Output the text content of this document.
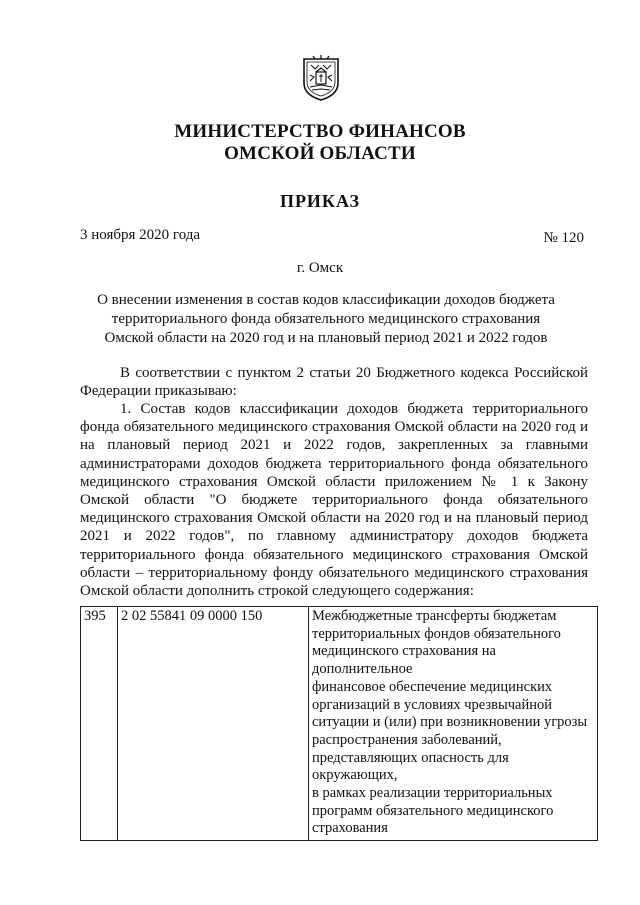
МИНИСТЕРСТВО ФИНАНСОВ
ОМСКОЙ ОБЛАСТИ
ПРИКАЗ
3 ноября 2020 года	№ 120
г. Омск
О внесении изменения в состав кодов классификации доходов бюджета территориального фонда обязательного медицинского страхования Омской области на 2020 год и на плановый период 2021 и 2022 годов
В соответствии с пунктом 2 статьи 20 Бюджетного кодекса Российской Федерации приказываю:
1. Состав кодов классификации доходов бюджета территориального фонда обязательного медицинского страхования Омской области на 2020 год и на плановый период 2021 и 2022 годов, закрепленных за главными администраторами доходов бюджета территориального фонда обязательного медицинского страхования Омской области приложением № 1 к Закону Омской области "О бюджете территориального фонда обязательного медицинского страхования Омской области на 2020 год и на плановый период 2021 и 2022 годов", по главному администратору доходов бюджета территориального фонда обязательного медицинского страхования Омской области – территориальному фонду обязательного медицинского страхования Омской области дополнить строкой следующего содержания:
395	2 02 55841 09 0000 150	Межбюджетные трансферты бюджетам
территориальных фондов обязательного
медицинского страхования на дополнительное
финансовое обеспечение медицинских
организаций в условиях чрезвычайной
ситуации и (или) при возникновении угрозы
распространения заболеваний,
представляющих опасность для окружающих,
в рамках реализации территориальных
программ обязательного медицинского
страхования
